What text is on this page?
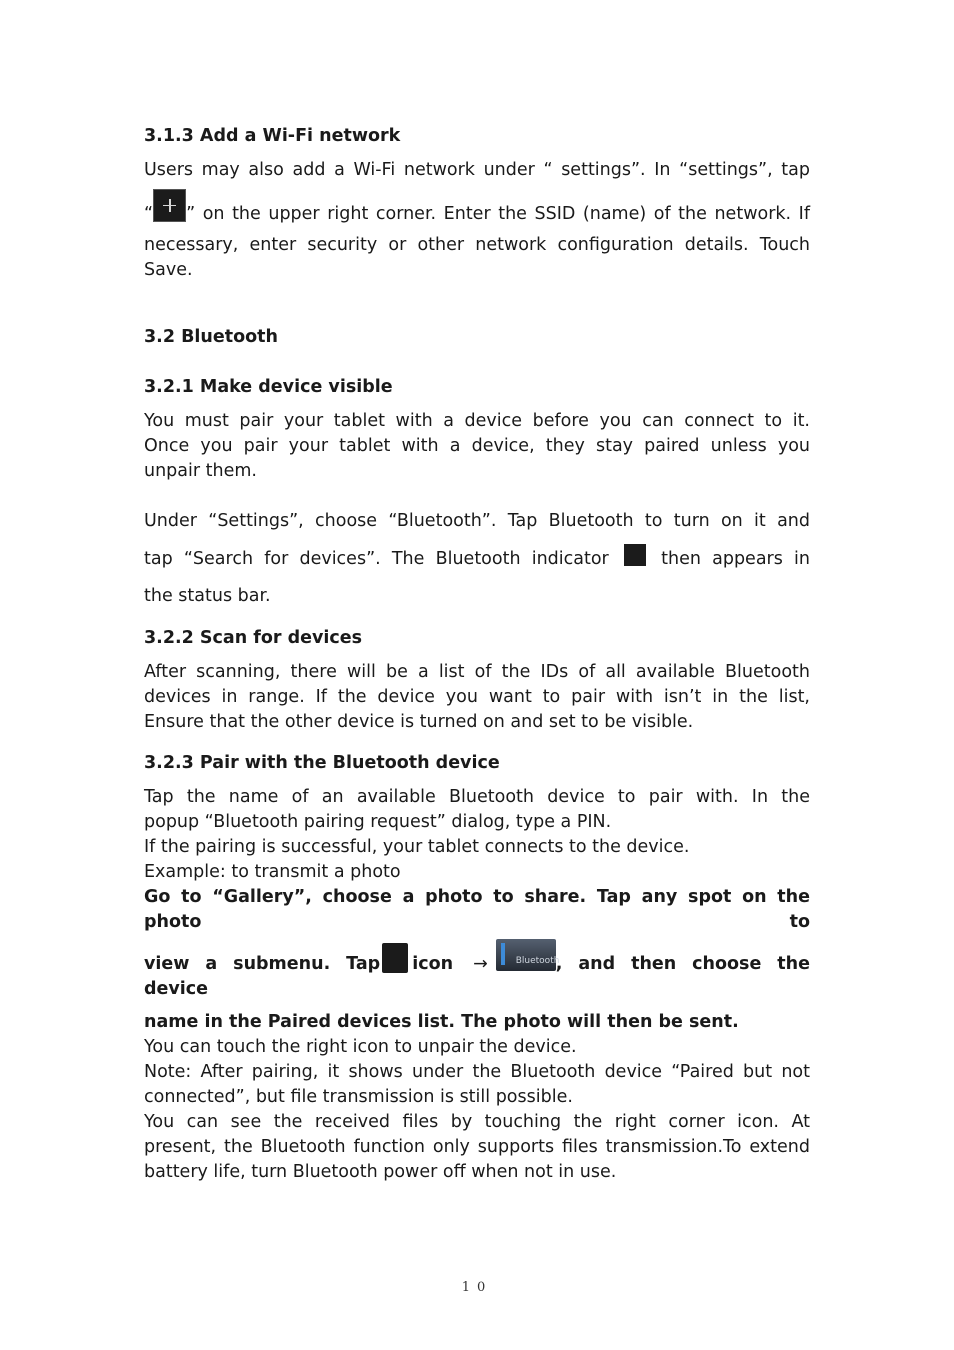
3.1.3 Add a Wi-Fi network
Users may also add a Wi-Fi network under “ settings”. In “settings”, tap
“ ” on the upper right corner. Enter the SSID (name) of the network. If
necessary, enter security or other network configuration details. Touch
Save.
3.2 Bluetooth
3.2.1 Make device visible
You must pair your tablet with a device before you can connect to it.
Once you pair your tablet with a device, they stay paired unless you
unpair them.
Under “Settings”, choose “Bluetooth”. Tap Bluetooth to turn on it and
tap “Search for devices”. The Bluetooth indicator	then appears in
the status bar.
3.2.2 Scan for devices
After scanning, there will be a list of the IDs of all available Bluetooth
devices in range. If the device you want to pair with isn’t in the list,
Ensure that the other device is turned on and set to be visible.
3.2.3 Pair with the Bluetooth device
Tap the name of an available Bluetooth device to pair with. In the
popup “Bluetooth pairing request” dialog, type a PIN.
If the pairing is successful, your tablet connects to the device.
Example: to transmit a photo
Go to “Gallery”, choose a photo to share. Tap any spot on the photo to
view a submenu. Tap icon →	Bluetooth
, and then choose the device
name in the Paired devices list. The photo will then be sent.
You can touch the right icon to unpair the device.
Note: After pairing, it shows under the Bluetooth device “Paired but not
connected”, but file transmission is still possible.
You can see the received files by touching the right corner icon. At
present, the Bluetooth function only supports files transmission.To extend
battery life, turn Bluetooth power off when not in use.
10
